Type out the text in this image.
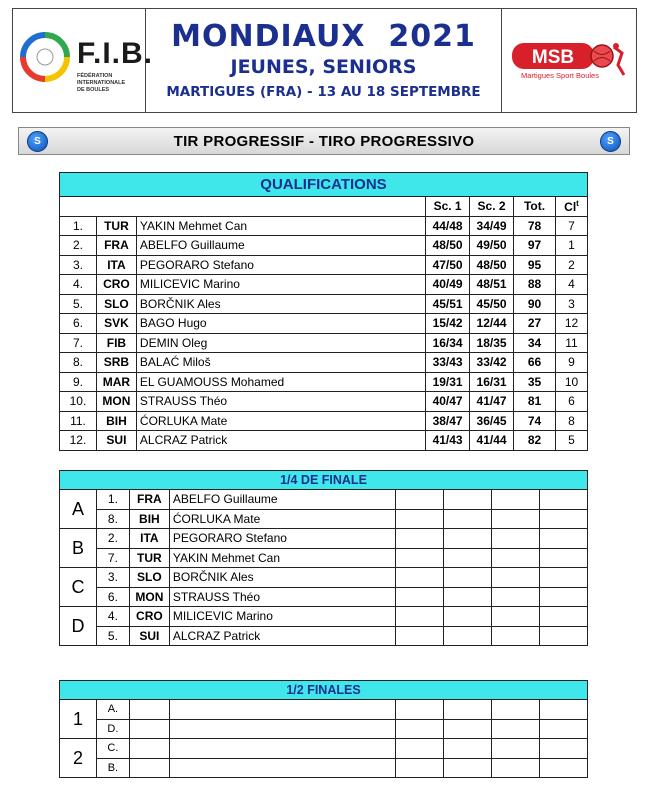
F.I.B.
FÉDÉRATION
INTERNATIONALE
DE BOULES
MONDIAUX  2021
JEUNES, SENIORS
MARTIGUES (FRA) - 13 AU 18 SEPTEMBRE
MSB
Martigues Sport Boules
S	TIR PROGRESSIF - TIRO PROGRESSIVO	S
QUALIFICATIONS						
			Sc. 1	Sc. 2	Tot.	Cl$^t$
1.	TUR	YAKIN Mehmet Can	44/48	34/49	78	7
2.	FRA	ABELFO Guillaume	48/50	49/50	97	1
3.	ITA	PEGORARO Stefano	47/50	48/50	95	2
4.	CRO	MILICEVIC Marino	40/49	48/51	88	4
5.	SLO	BORČNIK Ales	45/51	45/50	90	3
6.	SVK	BAGO Hugo	15/42	12/44	27	12
7.	FIB	DEMIN Oleg	16/34	18/35	34	11
8.	SRB	BALAĆ Miloš	33/43	33/42	66	9
9.	MAR	EL GUAMOUSS Mohamed	19/31	16/31	35	10
10.	MON	STRAUSS Théo	40/47	41/47	81	6
11.	BIH	ĆORLUKA Mate	38/47	36/45	74	8
12.	SUI	ALCRAZ Patrick	41/43	41/44	82	5
1/4 DE FINALE							
A	1.	FRA	ABELFO Guillaume				
	8.	BIH	ĆORLUKA Mate				
B	2.	ITA	PEGORARO Stefano				
	7.	TUR	YAKIN Mehmet Can				
C	3.	SLO	BORČNIK Ales				
	6.	MON	STRAUSS Théo				
D	4.	CRO	MILICEVIC Marino				
	5.	SUI	ALCRAZ Patrick				
1/2 FINALES							
1	A.						
	D.						
2	C.						
	B.						
